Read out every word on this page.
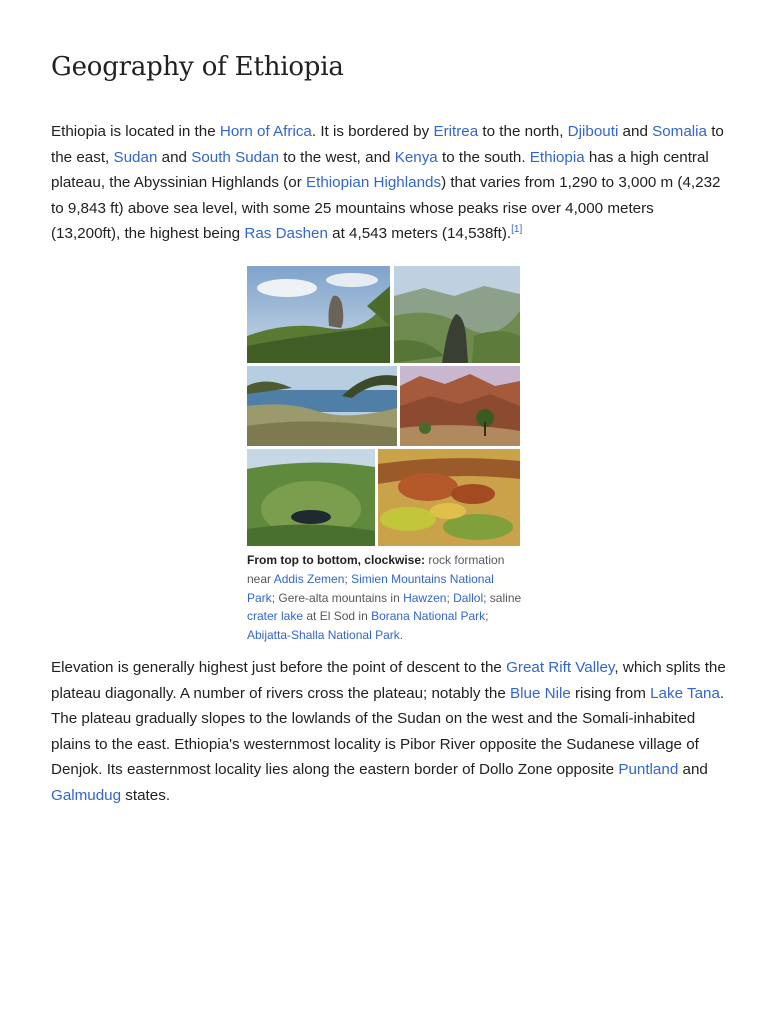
Geography of Ethiopia

Ethiopia is located in the Horn of Africa. It is bordered by Eritrea to the north, Djibouti and Somalia to the east, Sudan and South Sudan to the west, and Kenya to the south. Ethiopia has a high central plateau, the Abyssinian Highlands (or Ethiopian Highlands) that varies from 1,290 to 3,000 m (4,232 to 9,843 ft) above sea level, with some 25 mountains whose peaks rise over 4,000 meters (13,200ft), the highest being Ras Dashen at 4,543 meters (14,538ft).[1]

From top to bottom, clockwise: rock formation near Addis Zemen; Simien Mountains National Park; Gere-alta mountains in Hawzen; Dallol; saline crater lake at El Sod in Borana National Park; Abijatta-Shalla National Park.

Elevation is generally highest just before the point of descent to the Great Rift Valley, which splits the plateau diagonally. A number of rivers cross the plateau; notably the Blue Nile rising from Lake Tana. The plateau gradually slopes to the lowlands of the Sudan on the west and the Somali-inhabited plains to the east. Ethiopia's westernmost locality is Pibor River opposite the Sudanese village of Denjok. Its easternmost locality lies along the eastern border of Dollo Zone opposite Puntland and Galmudug states.
